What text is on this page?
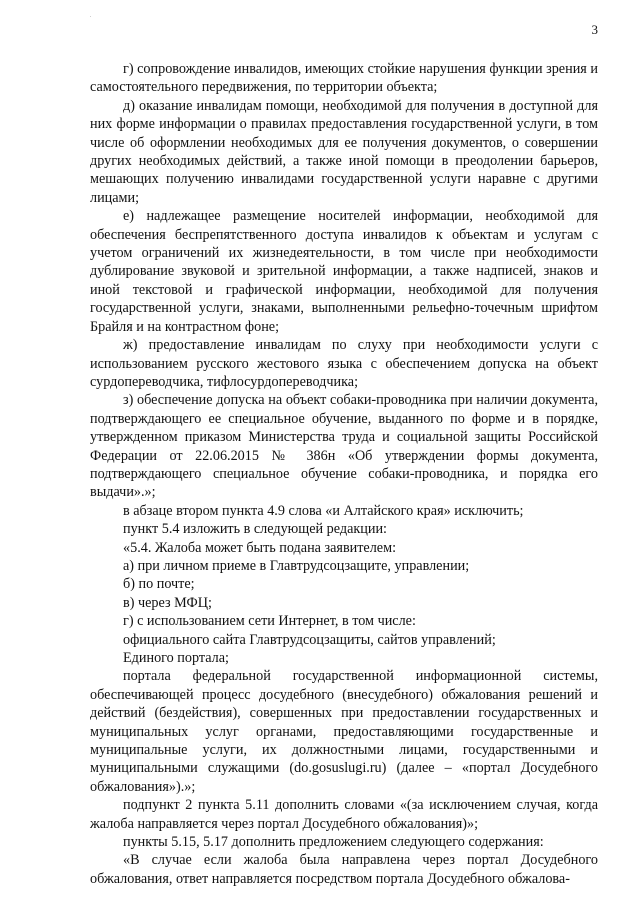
3

г) сопровождение инвалидов, имеющих стойкие нарушения функции зрения и самостоятельного передвижения, по территории объекта;

д) оказание инвалидам помощи, необходимой для получения в доступной для них форме информации о правилах предоставления государственной услуги, в том числе об оформлении необходимых для ее получения документов, о совершении других необходимых действий, а также иной помощи в преодолении барьеров, мешающих получению инвалидами государственной услуги наравне с другими лицами;

е) надлежащее размещение носителей информации, необходимой для обеспечения беспрепятственного доступа инвалидов к объектам и услугам с учетом ограничений их жизнедеятельности, в том числе при необходимости дублирование звуковой и зрительной информации, а также надписей, знаков и иной текстовой и графической информации, необходимой для получения государственной услуги, знаками, выполненными рельефно-точечным шрифтом Брайля и на контрастном фоне;

ж) предоставление инвалидам по слуху при необходимости услуги с использованием русского жестового языка с обеспечением допуска на объект сурдопереводчика, тифлосурдопереводчика;

з) обеспечение допуска на объект собаки-проводника при наличии документа, подтверждающего ее специальное обучение, выданного по форме и в порядке, утвержденном приказом Министерства труда и социальной защиты Российской Федерации от 22.06.2015 № 386н «Об утверждении формы документа, подтверждающего специальное обучение собаки-проводника, и порядка его выдачи».»;

в абзаце втором пункта 4.9 слова «и Алтайского края» исключить;

пункт 5.4 изложить в следующей редакции:

«5.4. Жалоба может быть подана заявителем:

а) при личном приеме в Главтрудсоцзащите, управлении;

б) по почте;

в) через МФЦ;

г) с использованием сети Интернет, в том числе:

официального сайта Главтрудсоцзащиты, сайтов управлений;

Единого портала;

портала федеральной государственной информационной системы, обеспечивающей процесс досудебного (внесудебного) обжалования решений и действий (бездействия), совершенных при предоставлении государственных и муниципальных услуг органами, предоставляющими государственные и муниципальные услуги, их должностными лицами, государственными и муниципальными служащими (do.gosuslugi.ru) (далее – «портал Досудебного обжалования»).»;

подпункт 2 пункта 5.11 дополнить словами «(за исключением случая, когда жалоба направляется через портал Досудебного обжалования)»;

пункты 5.15, 5.17 дополнить предложением следующего содержания:

«В случае если жалоба была направлена через портал Досудебного обжалования, ответ направляется посредством портала Досудебного обжалова-
